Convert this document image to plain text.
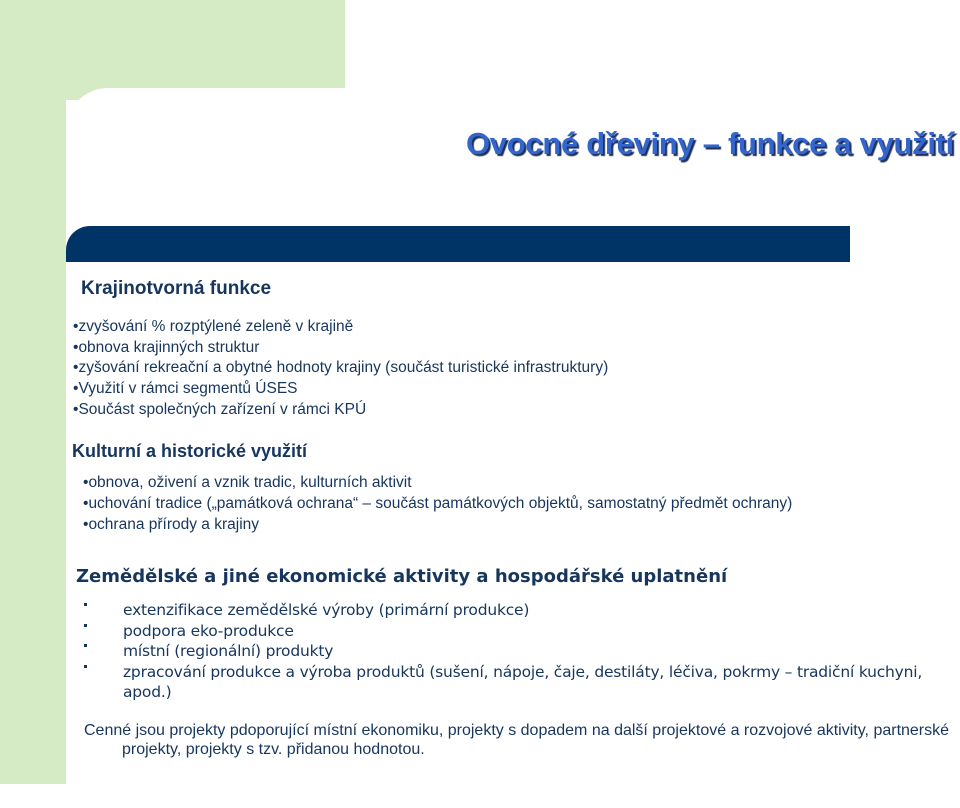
Ovocné dřeviny – funkce a využití
Krajinotvorná funkce
• zvyšování % rozptýlené zeleně v krajině
• obnova krajinných struktur
• zyšování rekreační a obytné hodnoty krajiny (součást turistické infrastruktury)
• Využití v rámci segmentů ÚSES
• Součást společných zařízení v rámci KPÚ
Kulturní a historické využití
• obnova, oživení a vznik tradic, kulturních aktivit
• uchování tradice („památková ochrana“ – součást památkových objektů, samostatný předmět ochrany)
• ochrana přírody a krajiny
Zemědělské a jiné ekonomické aktivity a hospodářské uplatnění
extenzifikace zemědělské výroby (primární produkce)
podpora eko-produkce
místní (regionální) produkty
zpracování produkce a výroba produktů (sušení, nápoje, čaje, destiláty, léčiva, pokrmy – tradiční kuchyni, apod.)

Cenné jsou projekty pdoporující místní ekonomiku, projekty s dopadem na další projektové a rozvojové aktivity, partnerské projekty, projekty s tzv. přidanou hodnotou.
